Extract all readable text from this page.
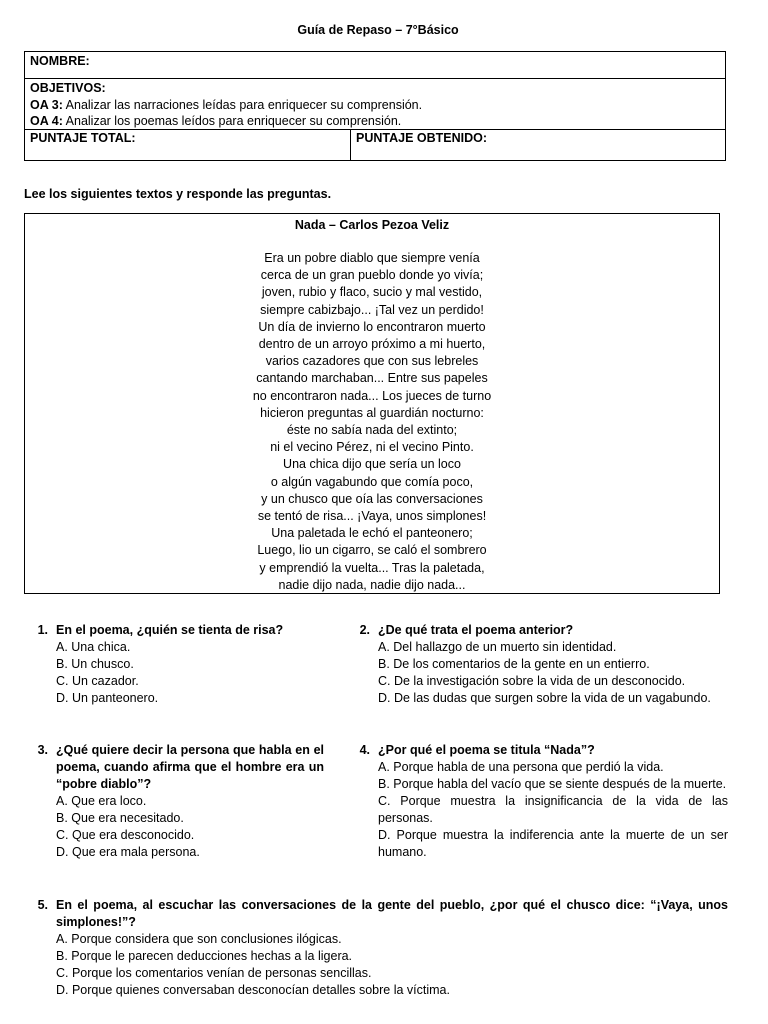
Guía de Repaso – 7°Básico
NOMBRE:
OBJETIVOS:
OA 3: Analizar las narraciones leídas para enriquecer su comprensión.
OA 4: Analizar los poemas leídos para enriquecer su comprensión.
PUNTAJE TOTAL:	PUNTAJE OBTENIDO:
Lee los siguientes textos y responde las preguntas.
Nada – Carlos Pezoa Veliz
Era un pobre diablo que siempre venía
cerca de un gran pueblo donde yo vivía;
joven, rubio y flaco, sucio y mal vestido,
siempre cabizbajo... ¡Tal vez un perdido!
Un día de invierno lo encontraron muerto
dentro de un arroyo próximo a mi huerto,
varios cazadores que con sus lebreles
cantando marchaban... Entre sus papeles
no encontraron nada... Los jueces de turno
hicieron preguntas al guardián nocturno:
éste no sabía nada del extinto;
ni el vecino Pérez, ni el vecino Pinto.
Una chica dijo que sería un loco
o algún vagabundo que comía poco,
y un chusco que oía las conversaciones
se tentó de risa... ¡Vaya, unos simplones!
Una paletada le echó el panteonero;
Luego, lio un cigarro, se caló el sombrero
y emprendió la vuelta... Tras la paletada,
nadie dijo nada, nadie dijo nada...
1. En el poema, ¿quién se tienta de risa?
A. Una chica.
B. Un chusco.
C. Un cazador.
D. Un panteonero.
2. ¿De qué trata el poema anterior?
A. Del hallazgo de un muerto sin identidad.
B. De los comentarios de la gente en un entierro.
C. De la investigación sobre la vida de un desconocido.
D. De las dudas que surgen sobre la vida de un vagabundo.
3. ¿Qué quiere decir la persona que habla en el poema, cuando afirma que el hombre era un “pobre diablo”?
A. Que era loco.
B. Que era necesitado.
C. Que era desconocido.
D. Que era mala persona.
4. ¿Por qué el poema se titula “Nada”?
A. Porque habla de una persona que perdió la vida.
B. Porque habla del vacío que se siente después de la muerte.
C. Porque muestra la insignificancia de la vida de las personas.
D. Porque muestra la indiferencia ante la muerte de un ser humano.
5. En el poema, al escuchar las conversaciones de la gente del pueblo, ¿por qué el chusco dice: “¡Vaya, unos simplones!”?
A. Porque considera que son conclusiones ilógicas.
B. Porque le parecen deducciones hechas a la ligera.
C. Porque los comentarios venían de personas sencillas.
D. Porque quienes conversaban desconocían detalles sobre la víctima.
